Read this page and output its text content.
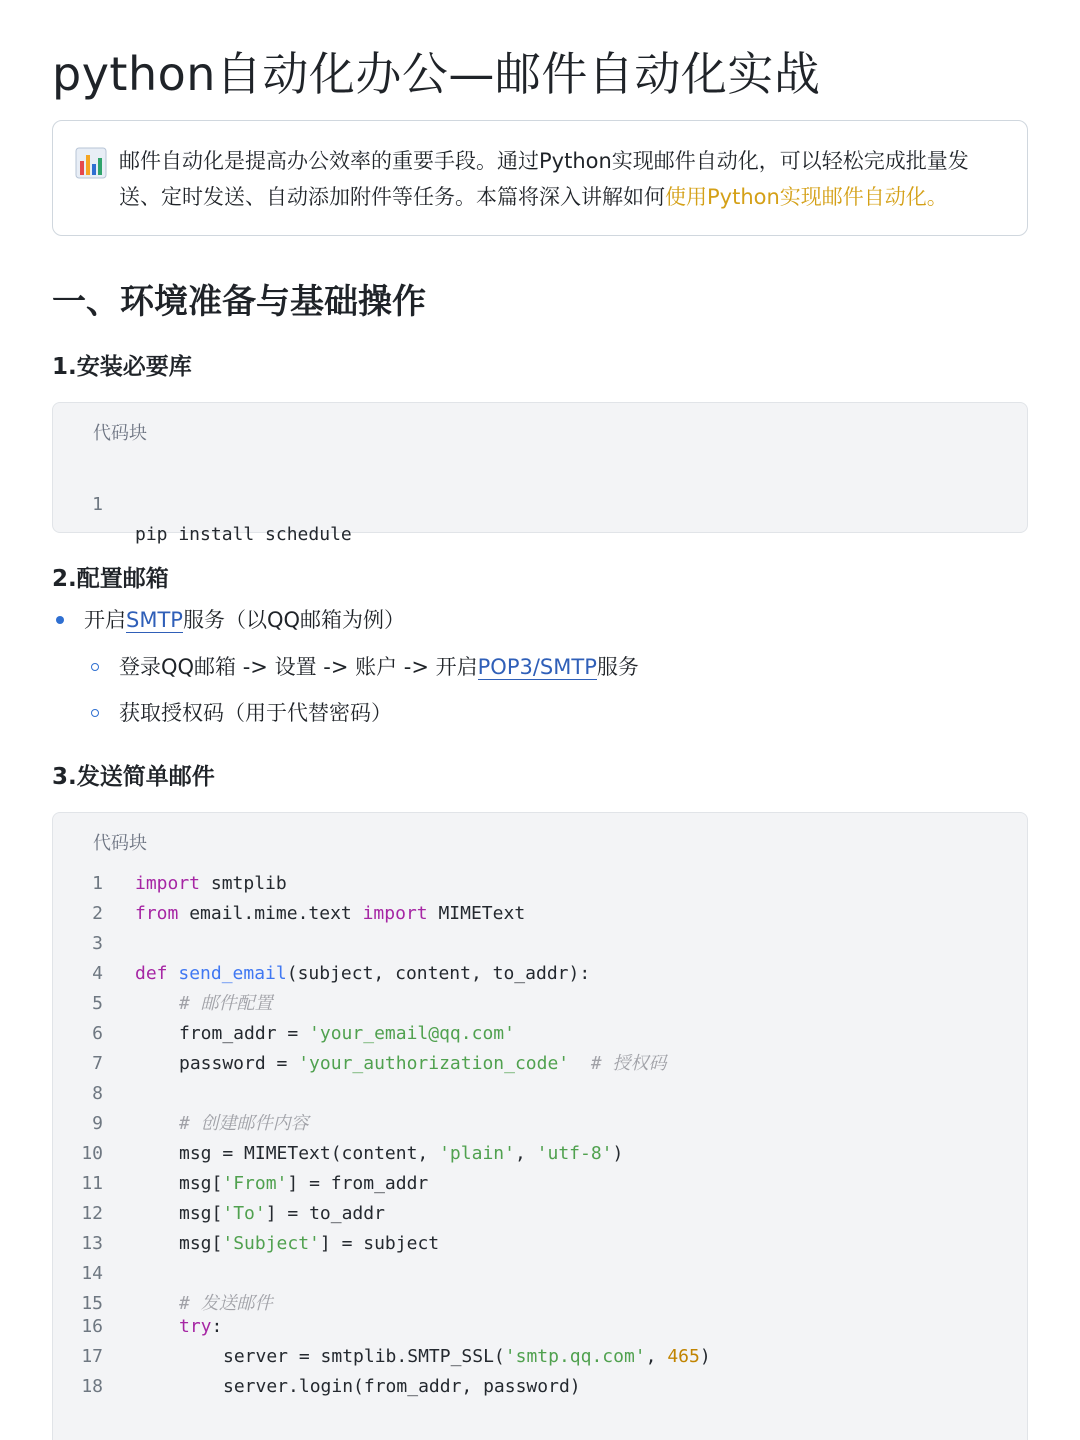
python自动化办公—邮件自动化实战
邮件自动化是提高办公效率的重要手段。通过Python实现邮件自动化，可以轻松完成批量发送、定时发送、自动添加附件等任务。本篇将深入讲解如何使用Python实现邮件自动化。
一、环境准备与基础操作
1.安装必要库
代码块

1

pip install schedule

2.配置邮箱
开启SMTP服务（以QQ邮箱为例）
登录QQ邮箱 -> 设置 -> 账户 -> 开启POP3/SMTP服务
获取授权码（用于代替密码）
3.发送简单邮件
代码块
1 import smtplib
2 from email.mime.text import MIMEText
3
4 def send_email(subject, content, to_addr):
5	# 邮件配置
6	from_addr = 'your_email@qq.com'
7	password = 'your_authorization_code' # 授权码
8
9	# 创建邮件内容
10	msg = MIMEText(content, 'plain', 'utf-8')
11	msg['From'] = from_addr
12	msg['To'] = to_addr
13	msg['Subject'] = subject
14
15	# 发送邮件
16	try:
17	server = smtplib.SMTP_SSL('smtp.qq.com', 465)
18	server.login(from_addr, password)
